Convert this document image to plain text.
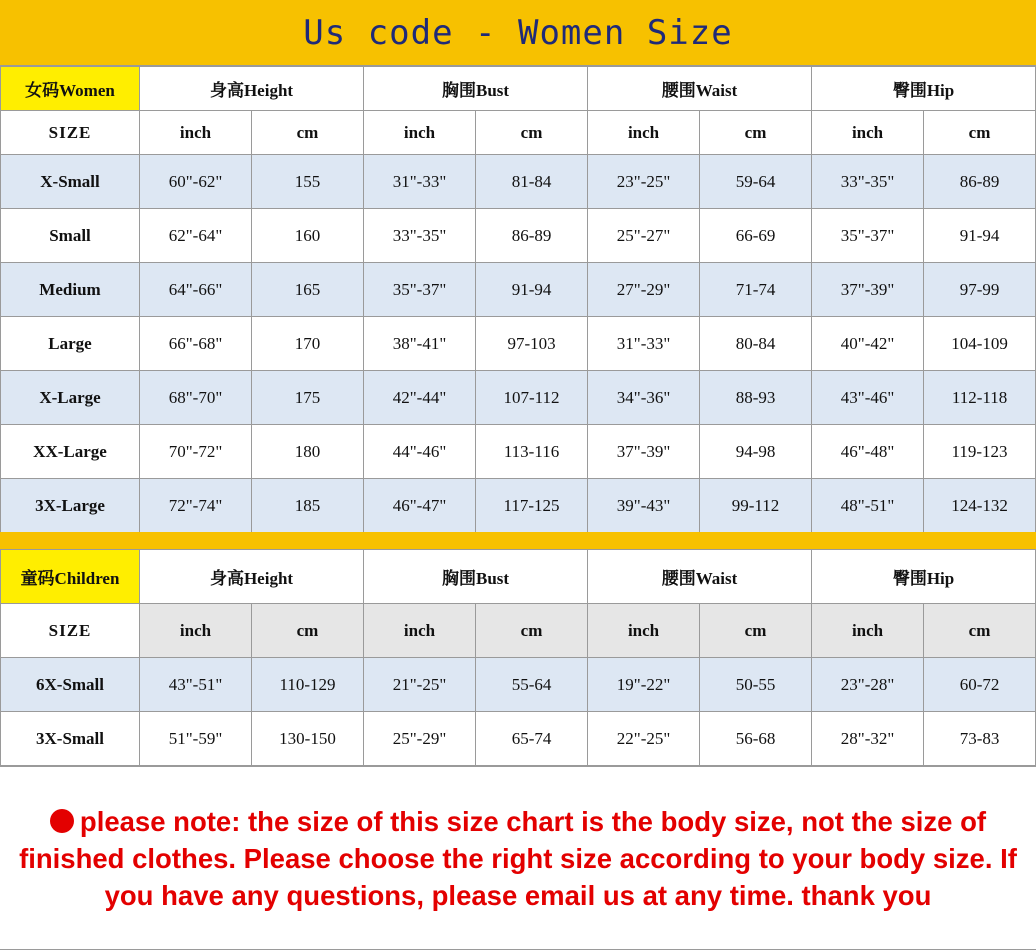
Us code - Women Size
女码Women	身高Height		胸围Bust		腰围Waist		臀围Hip	
SIZE	inch	cm	inch	cm	inch	cm	inch	cm
X-Small	60"-62"	155	31"-33"	81-84	23"-25"	59-64	33"-35"	86-89
Small	62"-64"	160	33"-35"	86-89	25"-27"	66-69	35"-37"	91-94
Medium	64"-66"	165	35"-37"	91-94	27"-29"	71-74	37"-39"	97-99
Large	66"-68"	170	38"-41"	97-103	31"-33"	80-84	40"-42"	104-109
X-Large	68"-70"	175	42"-44"	107-112	34"-36"	88-93	43"-46"	112-118
XX-Large	70"-72"	180	44"-46"	113-116	37"-39"	94-98	46"-48"	119-123
3X-Large	72"-74"	185	46"-47"	117-125	39"-43"	99-112	48"-51"	124-132
童码Children	身高Height		胸围Bust		腰围Waist		臀围Hip	
SIZE	inch	cm	inch	cm	inch	cm	inch	cm
6X-Small	43"-51"	110-129	21"-25"	55-64	19"-22"	50-55	23"-28"	60-72
3X-Small	51"-59"	130-150	25"-29"	65-74	22"-25"	56-68	28"-32"	73-83
please note: the size of this size chart is the body size, not the size of finished clothes. Please choose the right size according to your body size. If you have any questions, please email us at any time. thank you
